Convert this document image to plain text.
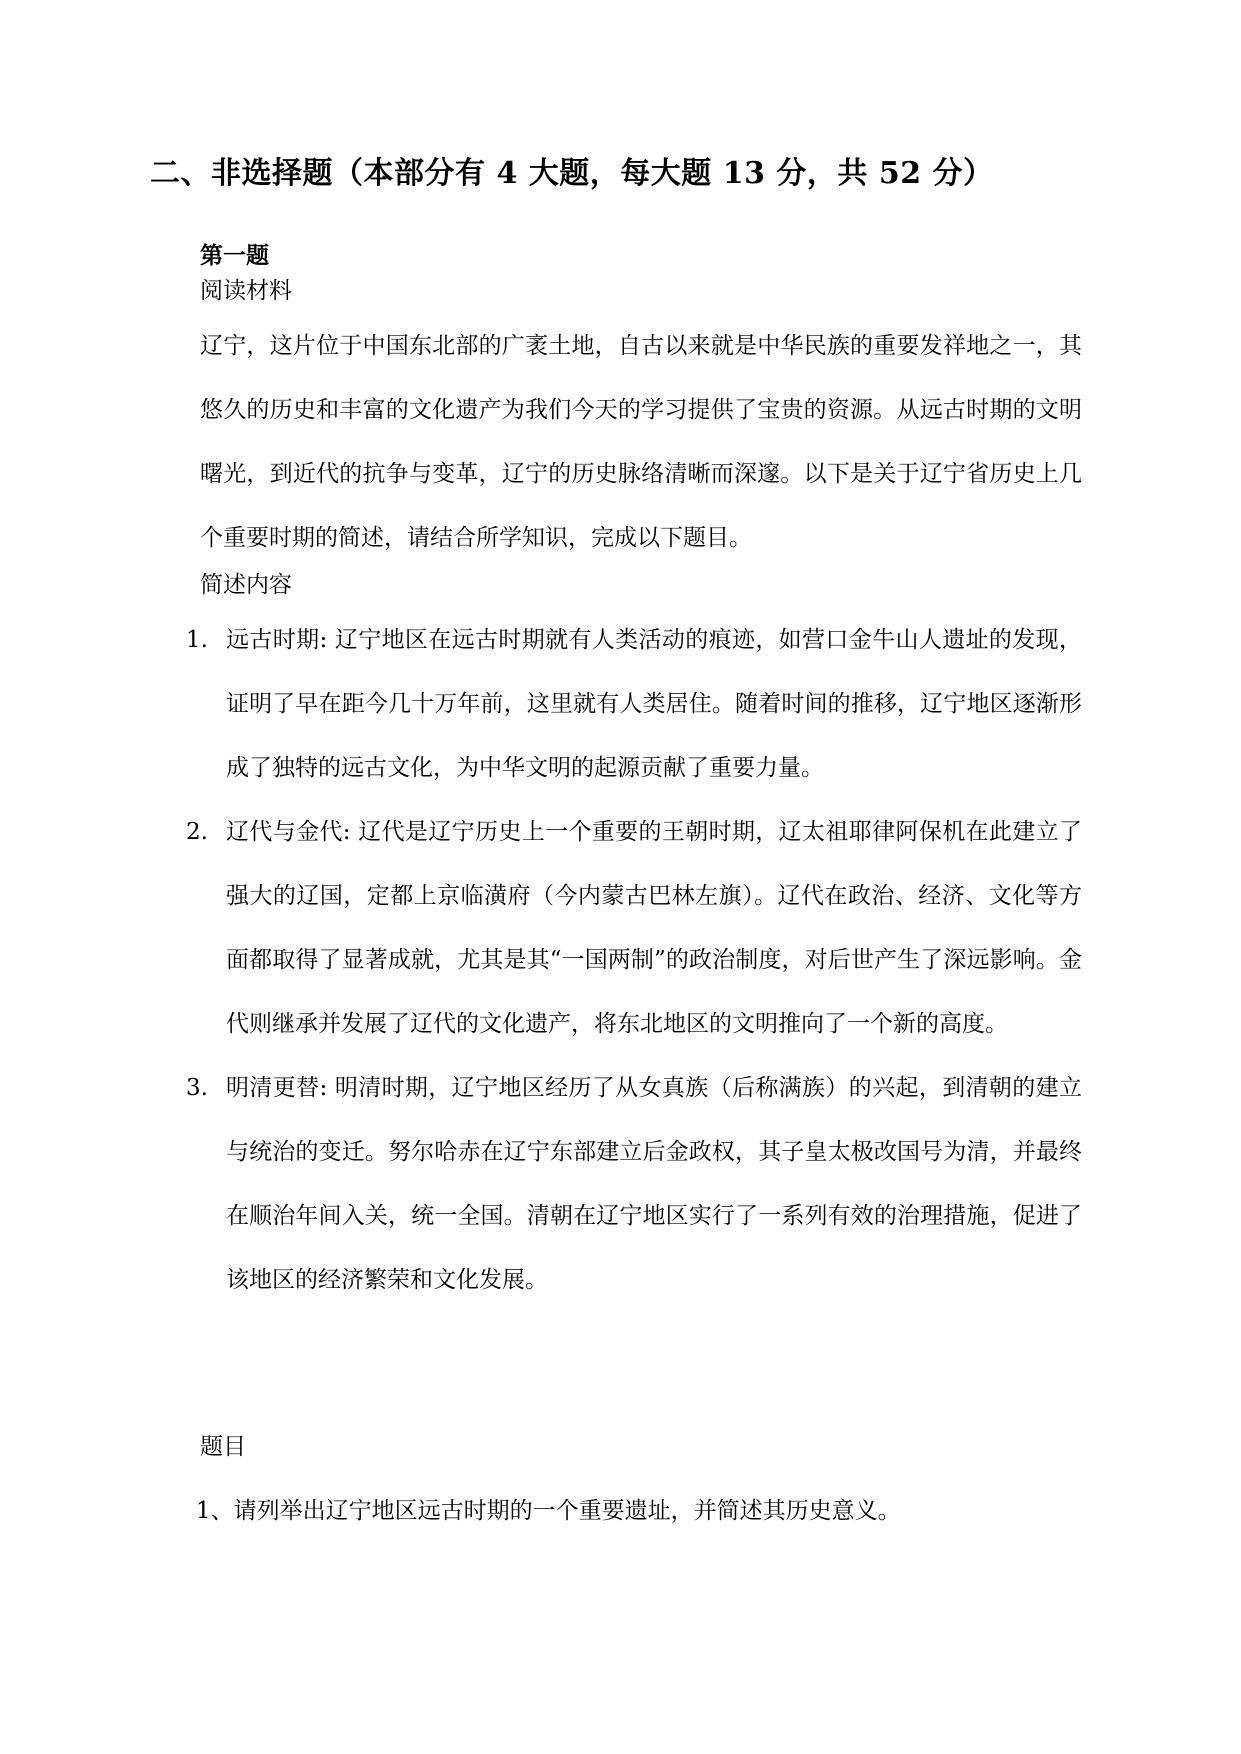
二、非选择题（本部分有 4 大题，每大题 13 分，共 52 分）
第一题
阅读材料
辽宁，这片位于中国东北部的广袤土地，自古以来就是中华民族的重要发祥地之一，其悠久的历史和丰富的文化遗产为我们今天的学习提供了宝贵的资源。从远古时期的文明曙光，到近代的抗争与变革，辽宁的历史脉络清晰而深邃。以下是关于辽宁省历史上几个重要时期的简述，请结合所学知识，完成以下题目。
简述内容
1. 远古时期: 辽宁地区在远古时期就有人类活动的痕迹，如营口金牛山人遗址的发现，证明了早在距今几十万年前，这里就有人类居住。随着时间的推移，辽宁地区逐渐形成了独特的远古文化，为中华文明的起源贡献了重要力量。
2. 辽代与金代: 辽代是辽宁历史上一个重要的王朝时期，辽太祖耶律阿保机在此建立了强大的辽国，定都上京临潢府（今内蒙古巴林左旗）。辽代在政治、经济、文化等方面都取得了显著成就，尤其是其“一国两制”的政治制度，对后世产生了深远影响。金代则继承并发展了辽代的文化遗产，将东北地区的文明推向了一个新的高度。
3. 明清更替: 明清时期，辽宁地区经历了从女真族（后称满族）的兴起，到清朝的建立与统治的变迁。努尔哈赤在辽宁东部建立后金政权，其子皇太极改国号为清，并最终在顺治年间入关，统一全国。清朝在辽宁地区实行了一系列有效的治理措施，促进了该地区的经济繁荣和文化发展。
题目
1、请列举出辽宁地区远古时期的一个重要遗址，并简述其历史意义。
